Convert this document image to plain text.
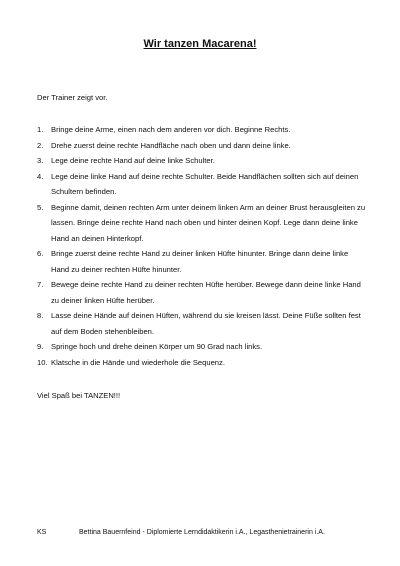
Wir tanzen Macarena!
Der Trainer zeigt vor.
1. Bringe deine Arme, einen nach dem anderen vor dich. Beginne Rechts.
2. Drehe zuerst deine rechte Handfläche nach oben und dann deine linke.
3. Lege deine rechte Hand auf deine linke Schulter.
4. Lege deine linke Hand auf deine rechte Schulter. Beide Handflächen sollten sich auf deinen Schultern befinden.
5. Beginne damit, deinen rechten Arm unter deinem linken Arm an deiner Brust herausgleiten zu lassen. Bringe deine rechte Hand nach oben und hinter deinen Kopf. Lege dann deine linke Hand an deinen Hinterkopf.
6. Bringe zuerst deine rechte Hand zu deiner linken Hüfte hinunter. Bringe dann deine linke Hand zu deiner rechten Hüfte hinunter.
7. Bewege deine rechte Hand zu deiner rechten Hüfte herüber. Bewege dann deine linke Hand zu deiner linken Hüfte herüber.
8. Lasse deine Hände auf deinen Hüften, während du sie kreisen lässt. Deine Füße sollten fest auf dem Boden stehenbleiben.
9. Springe hoch und drehe deinen Körper um 90 Grad nach links.
10. Klatsche in die Hände und wiederhole die Sequenz.
Viel Spaß bei TANZEN!!!
KS	Bettina Bauernfeind - Diplomierte Lerndidaktikerin i.A., Legasthenietrainerin i.A.
